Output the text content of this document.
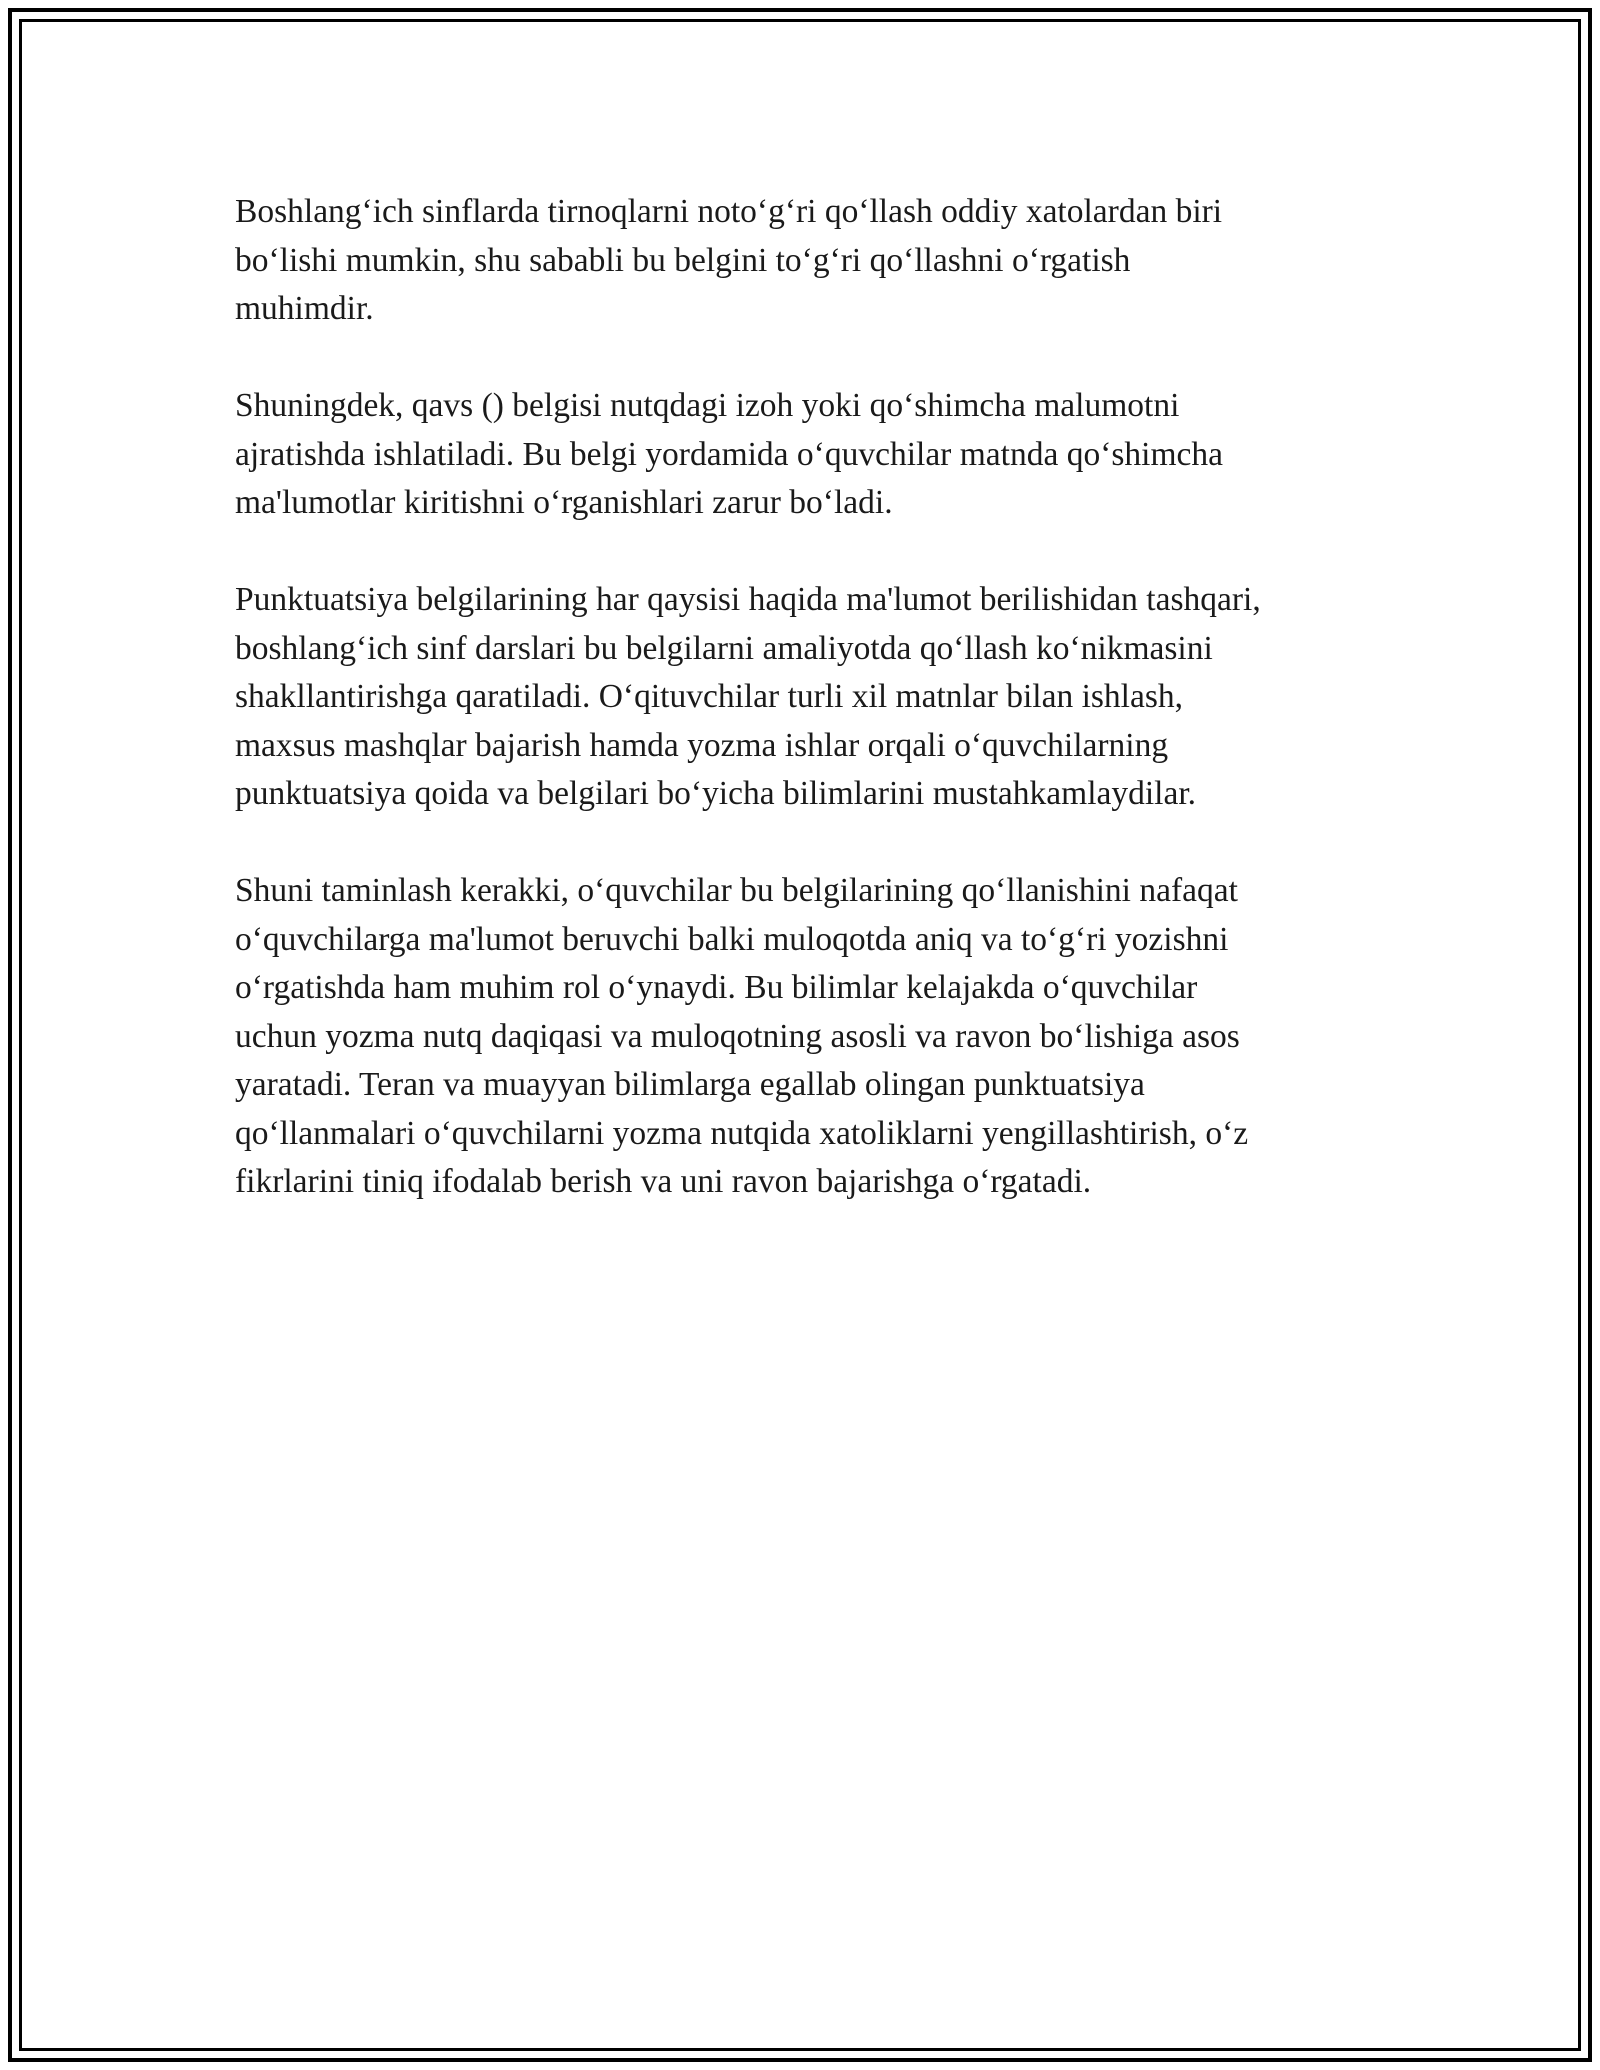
Boshlang‘ich sinflarda tirnoqlarni noto‘g‘ri qo‘llash oddiy xatolardan biri
bo‘lishi mumkin, shu sababli bu belgini to‘g‘ri qo‘llashni o‘rgatish
muhimdir.

Shuningdek, qavs () belgisi nutqdagi izoh yoki qo‘shimcha malumotni
ajratishda ishlatiladi. Bu belgi yordamida o‘quvchilar matnda qo‘shimcha
ma'lumotlar kiritishni o‘rganishlari zarur bo‘ladi.

Punktuatsiya belgilarining har qaysisi haqida ma'lumot berilishidan tashqari,
boshlang‘ich sinf darslari bu belgilarni amaliyotda qo‘llash ko‘nikmasini
shakllantirishga qaratiladi. O‘qituvchilar turli xil matnlar bilan ishlash,
maxsus mashqlar bajarish hamda yozma ishlar orqali o‘quvchilarning
punktuatsiya qoida va belgilari bo‘yicha bilimlarini mustahkamlaydilar.

Shuni taminlash kerakki, o‘quvchilar bu belgilarining qo‘llanishini nafaqat
o‘quvchilarga ma'lumot beruvchi balki muloqotda aniq va to‘g‘ri yozishni
o‘rgatishda ham muhim rol o‘ynaydi. Bu bilimlar kelajakda o‘quvchilar
uchun yozma nutq daqiqasi va muloqotning asosli va ravon bo‘lishiga asos
yaratadi. Teran va muayyan bilimlarga egallab olingan punktuatsiya
qo‘llanmalari o‘quvchilarni yozma nutqida xatoliklarni yengillashtirish, o‘z
fikrlarini tiniq ifodalab berish va uni ravon bajarishga o‘rgatadi.
